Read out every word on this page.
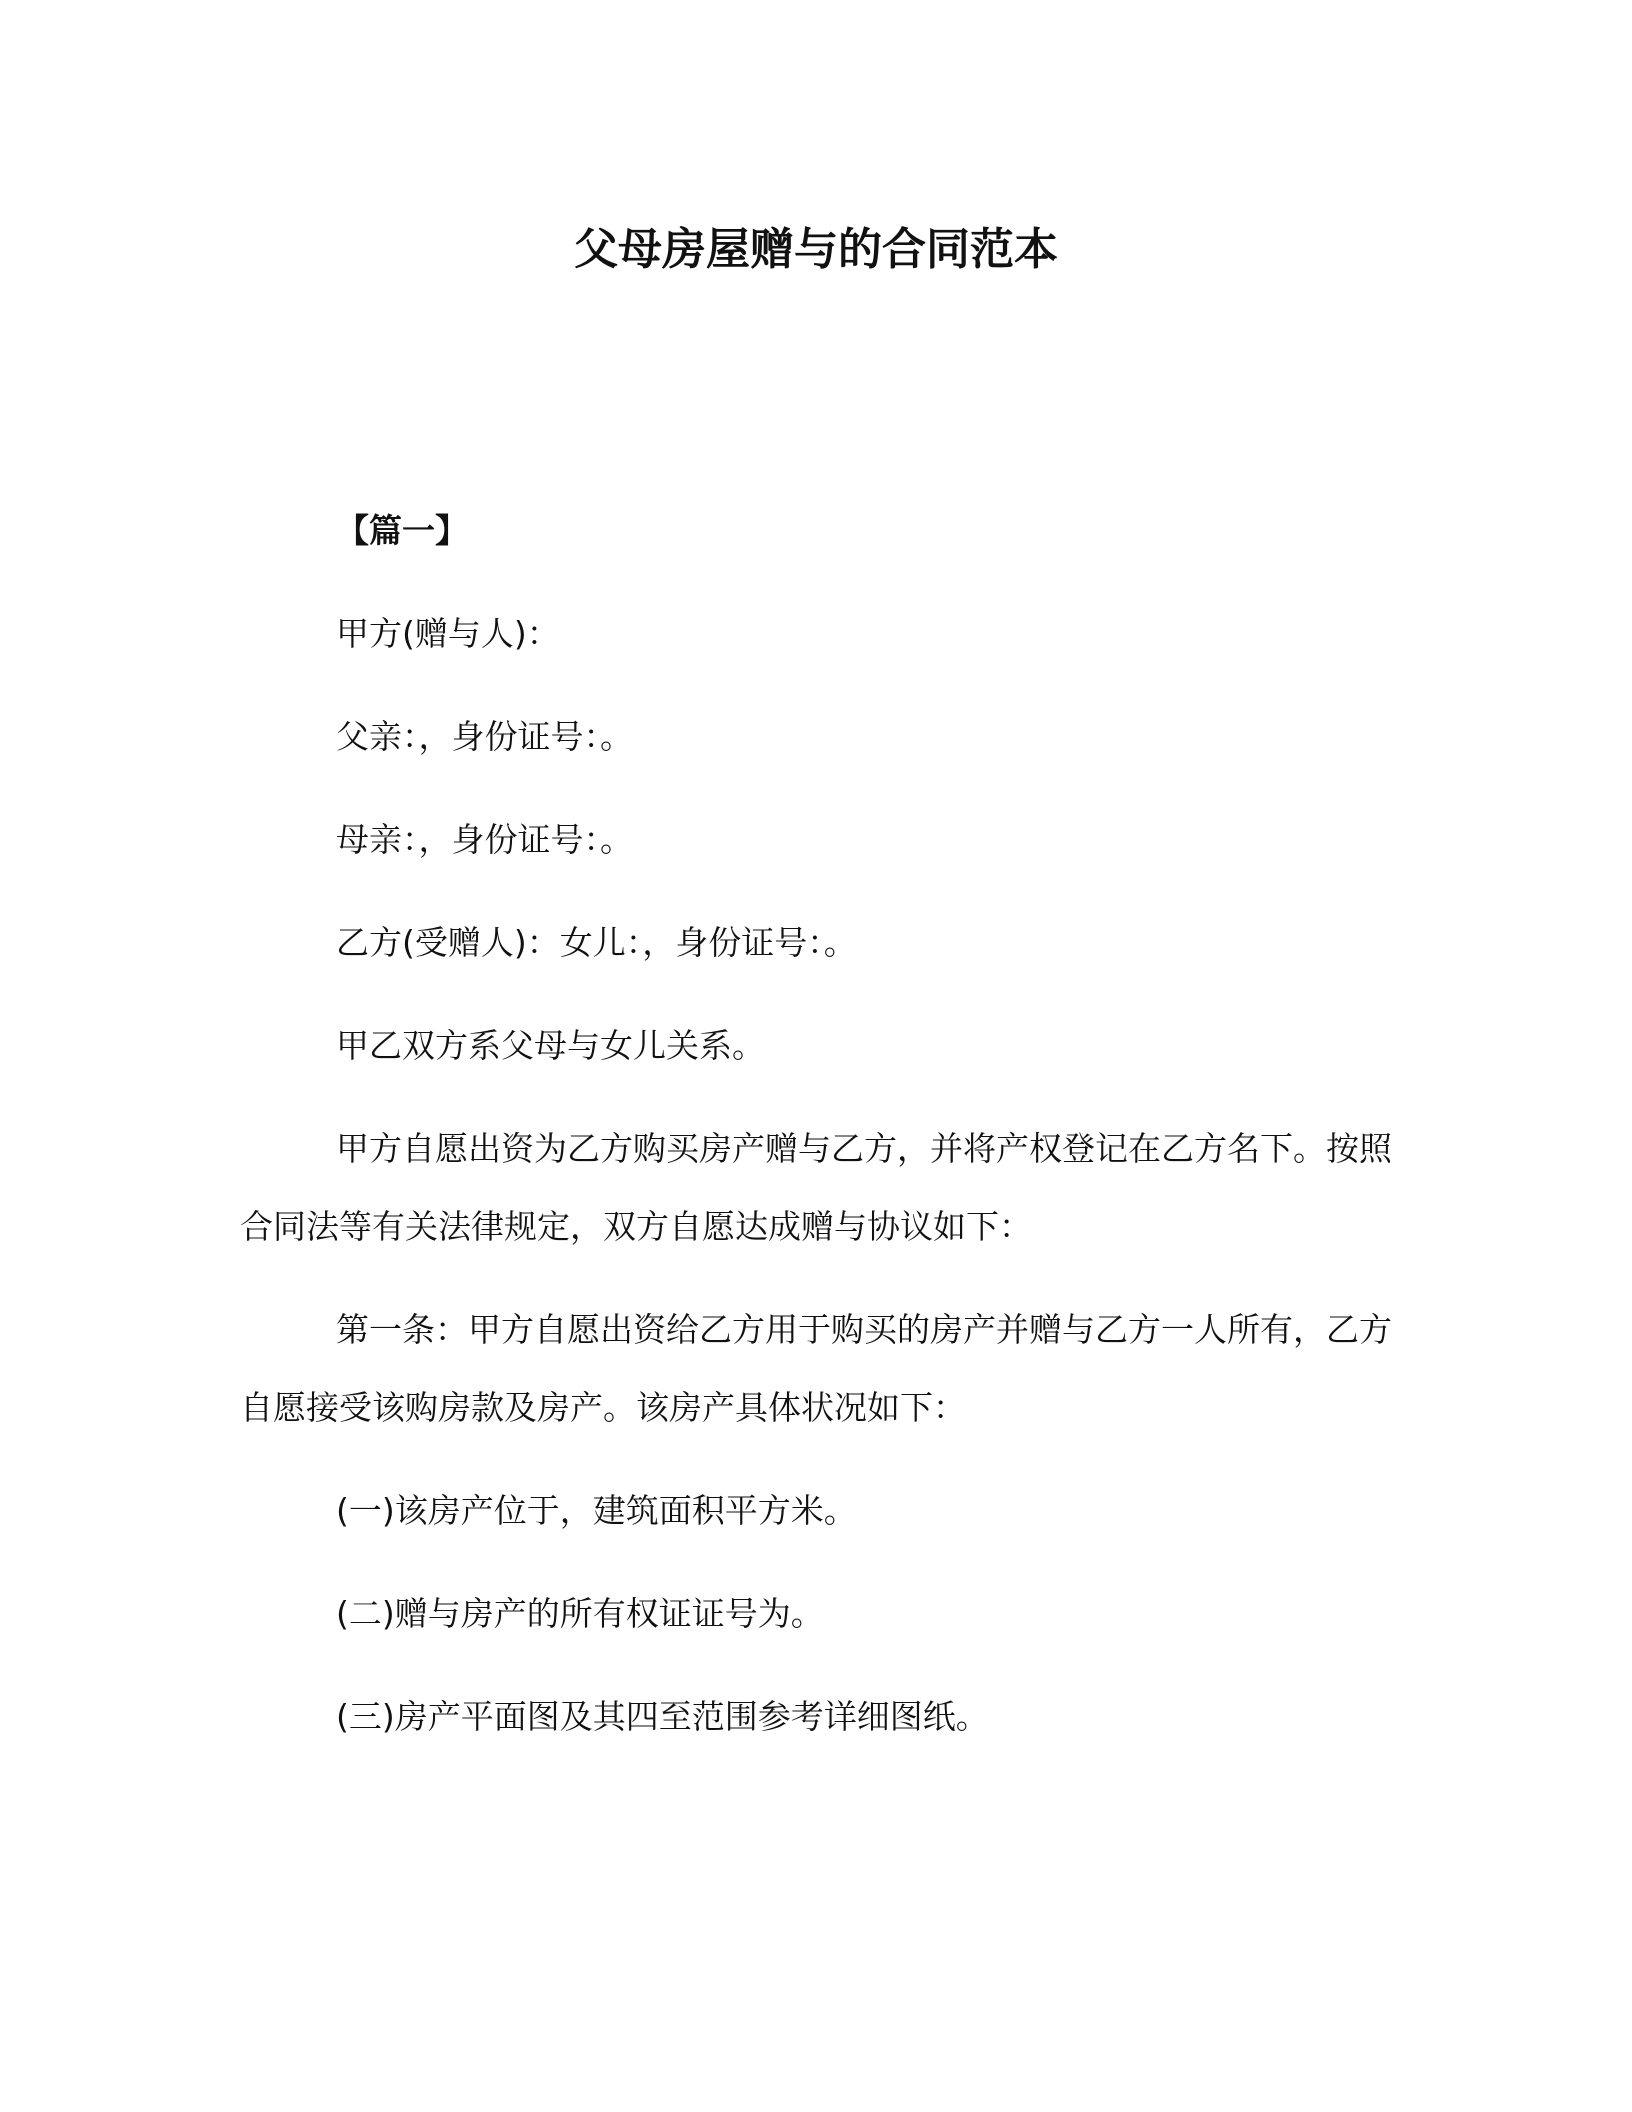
父母房屋赠与的合同范本

【篇一】

甲方(赠与人)：

父亲：，身份证号：。

母亲：，身份证号：。

乙方(受赠人)：女儿：，身份证号：。

甲乙双方系父母与女儿关系。

甲方自愿出资为乙方购买房产赠与乙方，并将产权登记在乙方名下。按照合同法等有关法律规定，双方自愿达成赠与协议如下：

第一条：甲方自愿出资给乙方用于购买的房产并赠与乙方一人所有，乙方自愿接受该购房款及房产。该房产具体状况如下：

(一)该房产位于，建筑面积平方米。

(二)赠与房产的所有权证证号为。

(三)房产平面图及其四至范围参考详细图纸。
